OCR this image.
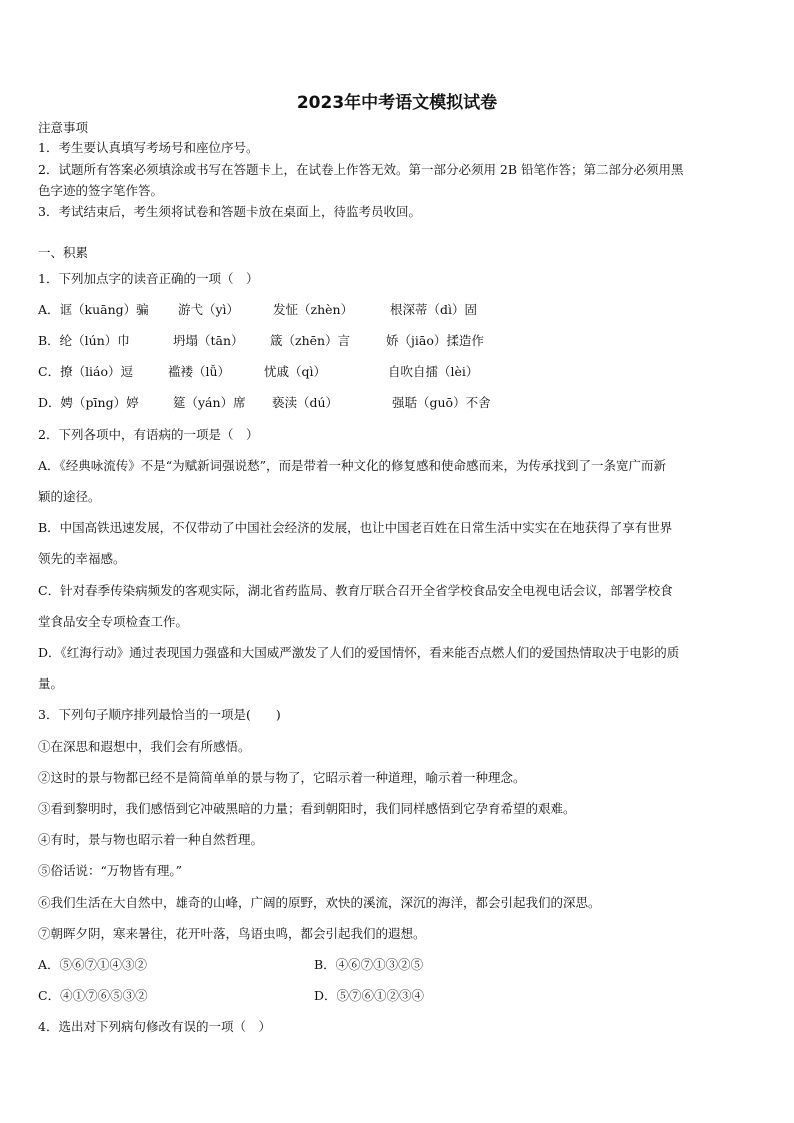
2023年中考语文模拟试卷
注意事项
1．考生要认真填写考场号和座位序号。
2．试题所有答案必须填涂或书写在答题卡上，在试卷上作答无效。第一部分必须用 2B 铅笔作答；第二部分必须用黑
色字迹的签字笔作答。
3．考试结束后，考生须将试卷和答题卡放在桌面上，待监考员收回。
一、积累
1．下列加点字的读音正确的一项（　）
A．诓（kuāng）骗 游弋（yì）	发怔（zhèn）	根深蒂（dì）固
B．纶（lún）巾	坍塌（tān） 箴（zhēn）言	娇（jiāo）揉造作
C．撩（liáo）逗	褴褛（lǚ）	忧戚（qì）	自吹自擂（lèi）
D．娉（pīng）婷	筵（yán）席 亵渎（dú）	强聒（guō）不舍
2．下列各项中，有语病的一项是（　）
A．《经典咏流传》不是“为赋新词强说愁”，而是带着一种文化的修复感和使命感而来，为传承找到了一条宽广而新
颖的途径。
B．中国高铁迅速发展，不仅带动了中国社会经济的发展，也让中国老百姓在日常生活中实实在在地获得了享有世界
领先的幸福感。
C．针对春季传染病频发的客观实际，湖北省药监局、教育厅联合召开全省学校食品安全电视电话会议，部署学校食
堂食品安全专项检查工作。
D．《红海行动》通过表现国力强盛和大国威严激发了人们的爱国情怀，看来能否点燃人们的爱国热情取决于电影的质
量。
3．下列句子顺序排列最恰当的一项是(　　)
①在深思和遐想中，我们会有所感悟。
②这时的景与物都已经不是简简单单的景与物了，它昭示着一种道理，喻示着一种理念。
③看到黎明时，我们感悟到它冲破黑暗的力量；看到朝阳时，我们同样感悟到它孕育希望的艰难。
④有时，景与物也昭示着一种自然哲理。
⑤俗话说：“万物皆有理。”
⑥我们生活在大自然中，雄奇的山峰，广阔的原野，欢快的溪流，深沉的海洋，都会引起我们的深思。
⑦朝晖夕阴，寒来暑往，花开叶落，鸟语虫鸣，都会引起我们的遐想。
A．⑤⑥⑦①④③②	B．④⑥⑦①③②⑤
C．④①⑦⑥⑤③②	D．⑤⑦⑥①②③④
4．选出对下列病句修改有误的一项（　）
